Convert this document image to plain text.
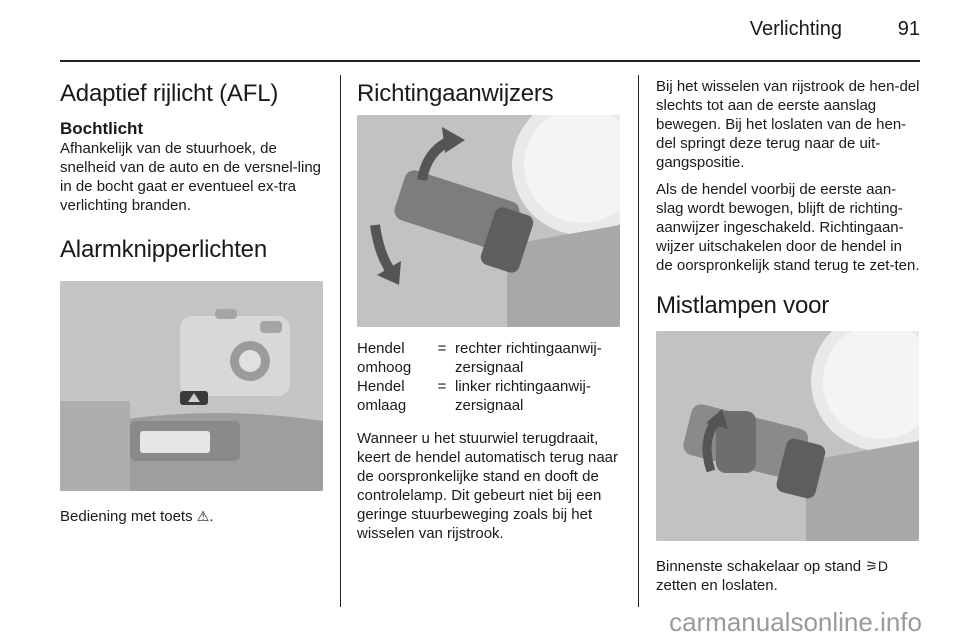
Verlichting	91
Adaptief rijlicht (AFL)
Bochtlicht

Afhankelijk van de stuurhoek, de snelheid van de auto en de versnel-ling in de bocht gaat er eventueel ex-tra verlichting branden.

Alarmknipperlichten

Bediening met toets ⚠.

Richtingaanwijzers
Hendel omhoog	=	rechter richtingaanwij-zersignaal
Hendel omlaag	=	linker richtingaanwij-zersignaal

Wanneer u het stuurwiel terugdraait, keert de hendel automatisch terug naar de oorspronkelijke stand en dooft de controlelamp. Dit gebeurt niet bij een geringe stuurbeweging zoals bij het wisselen van rijstrook.

Bij het wisselen van rijstrook de hen-del slechts tot aan de eerste aanslag bewegen. Bij het loslaten van de hen-del springt deze terug naar de uit-gangspositie.

Als de hendel voorbij de eerste aan-slag wordt bewogen, blijft de richting-aanwijzer ingeschakeld. Richtingaan-wijzer uitschakelen door de hendel in de oorspronkelijk stand terug te zet-ten.

Mistlampen voor

Binnenste schakelaar op stand ⚞D
zetten en loslaten.

carmanualsonline.info
